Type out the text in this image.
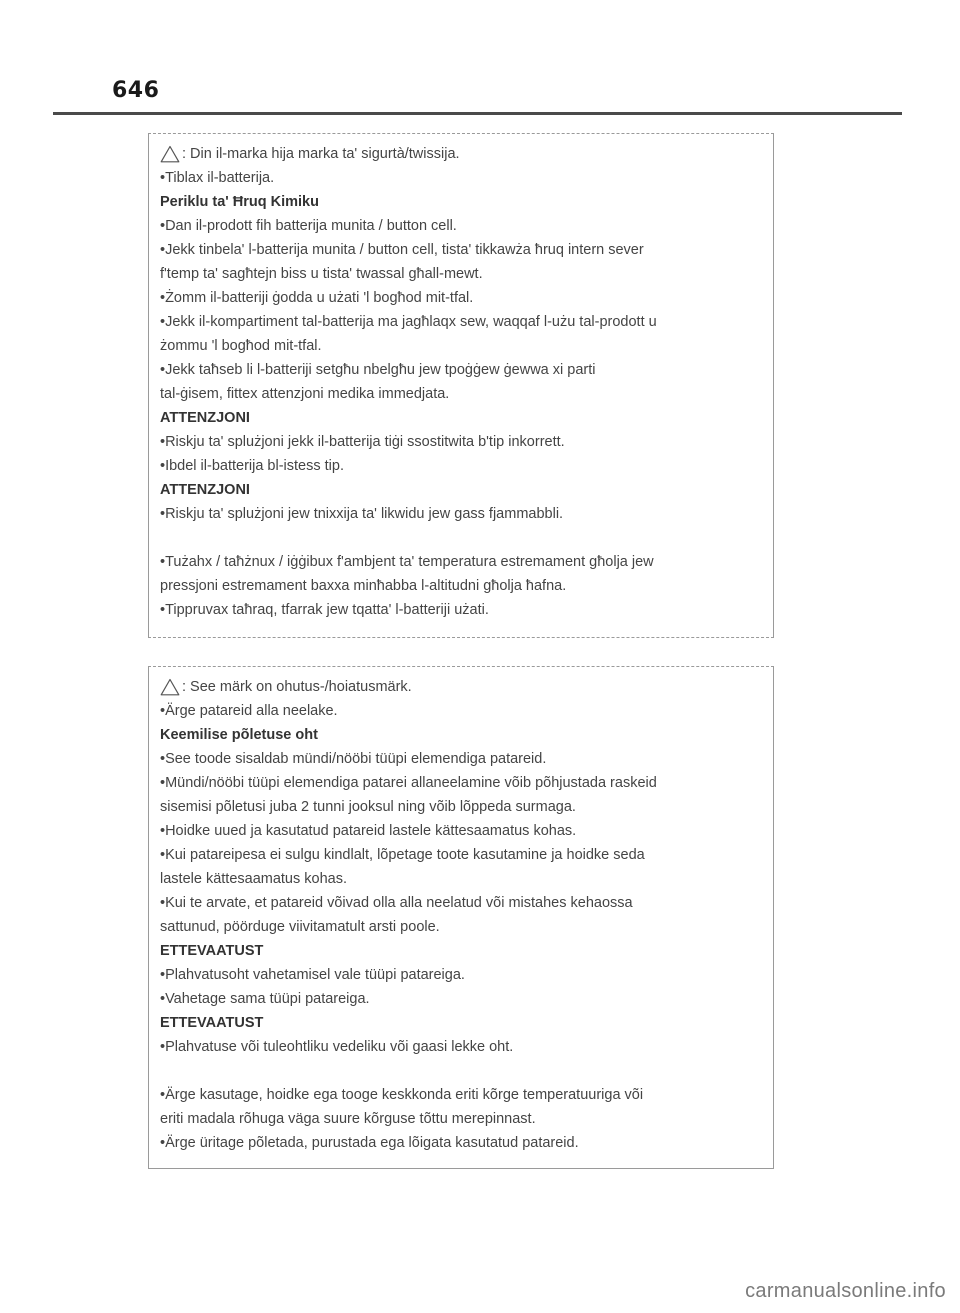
646
: Din il-marka hija marka ta' sigurtà/twissija.
•Tiblax il-batterija.
Periklu ta' Ħruq Kimiku
•Dan il-prodott fih batterija munita / button cell.
•Jekk tinbela' l-batterija munita / button cell, tista' tikkawża ħruq intern sever
f'temp ta' sagħtejn biss u tista' twassal għall-mewt.
•Żomm il-batteriji ġodda u użati 'l bogħod mit-tfal.
•Jekk il-kompartiment tal-batterija ma jagħlaqx sew, waqqaf l-użu tal-prodott u
żommu 'l bogħod mit-tfal.
•Jekk taħseb li l-batteriji setgħu nbelgħu jew tpoġġew ġewwa xi parti
tal-ġisem, fittex attenzjoni medika immedjata.
ATTENZJONI
•Riskju ta' splużjoni jekk il-batterija tiġi ssostitwita b'tip inkorrett.
•Ibdel il-batterija bl-istess tip.
ATTENZJONI
•Riskju ta' splużjoni jew tnixxija ta' likwidu jew gass fjammabbli.
•Tużahx / taħżnux / iġġibux f'ambjent ta' temperatura estremament għolja jew
pressjoni estremament baxxa minħabba l-altitudni għolja ħafna.
•Tippruvax taħraq, tfarrak jew tqatta' l-batteriji użati.
: See märk on ohutus-/hoiatusmärk.
•Ärge patareid alla neelake.
Keemilise põletuse oht
•See toode sisaldab mündi/nööbi tüüpi elemendiga patareid.
•Mündi/nööbi tüüpi elemendiga patarei allaneelamine võib põhjustada raskeid
sisemisi põletusi juba 2 tunni jooksul ning võib lõppeda surmaga.
•Hoidke uued ja kasutatud patareid lastele kättesaamatus kohas.
•Kui patareipesa ei sulgu kindlalt, lõpetage toote kasutamine ja hoidke seda
lastele kättesaamatus kohas.
•Kui te arvate, et patareid võivad olla alla neelatud või mistahes kehaossa
sattunud, pöörduge viivitamatult arsti poole.
ETTEVAATUST
•Plahvatusoht vahetamisel vale tüüpi patareiga.
•Vahetage sama tüüpi patareiga.
ETTEVAATUST
•Plahvatuse või tuleohtliku vedeliku või gaasi lekke oht.
•Ärge kasutage, hoidke ega tooge keskkonda eriti kõrge temperatuuriga või
eriti madala rõhuga väga suure kõrguse tõttu merepinnast.
•Ärge üritage põletada, purustada ega lõigata kasutatud patareid.
carmanualsonline.info
